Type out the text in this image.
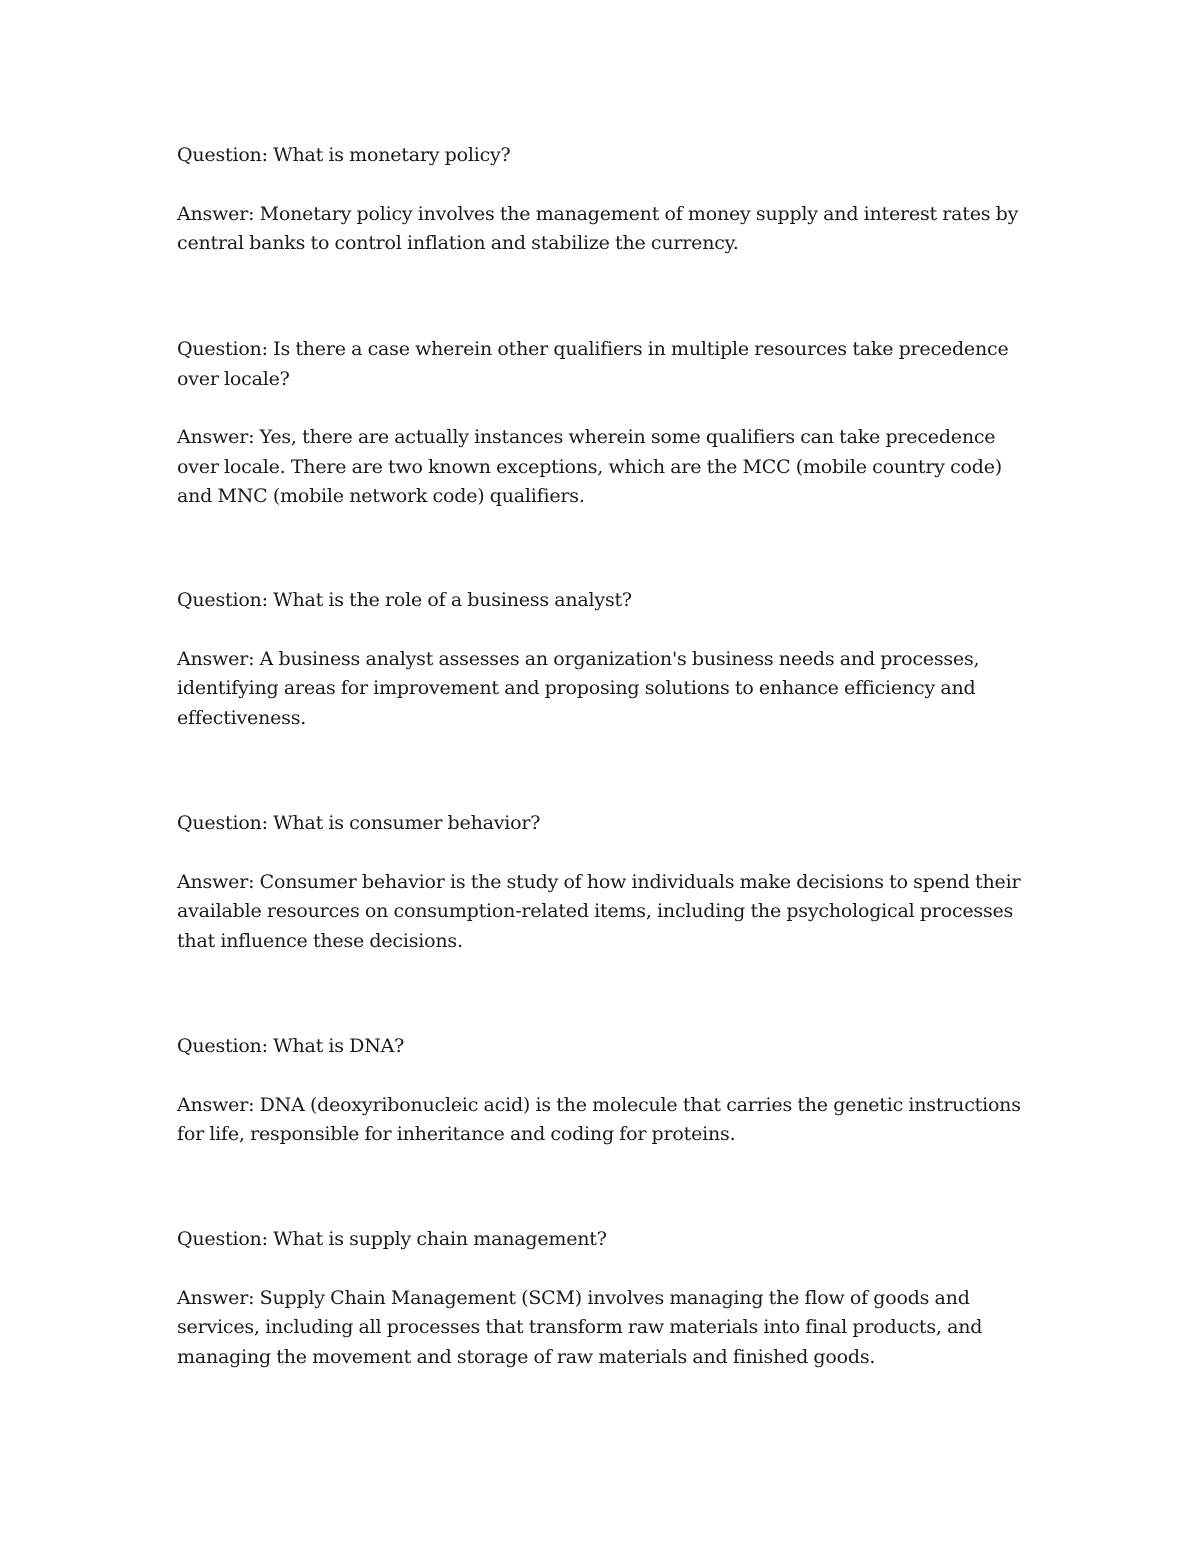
Question: What is monetary policy?

Answer: Monetary policy involves the management of money supply and interest rates by central banks to control inflation and stabilize the currency.

Question: Is there a case wherein other qualifiers in multiple resources take precedence over locale?

Answer: Yes, there are actually instances wherein some qualifiers can take precedence over locale. There are two known exceptions, which are the MCC (mobile country code) and MNC (mobile network code) qualifiers.

Question: What is the role of a business analyst?

Answer: A business analyst assesses an organization's business needs and processes, identifying areas for improvement and proposing solutions to enhance efficiency and effectiveness.

Question: What is consumer behavior?

Answer: Consumer behavior is the study of how individuals make decisions to spend their available resources on consumption-related items, including the psychological processes that influence these decisions.

Question: What is DNA?

Answer: DNA (deoxyribonucleic acid) is the molecule that carries the genetic instructions for life, responsible for inheritance and coding for proteins.

Question: What is supply chain management?

Answer: Supply Chain Management (SCM) involves managing the flow of goods and services, including all processes that transform raw materials into final products, and managing the movement and storage of raw materials and finished goods.
